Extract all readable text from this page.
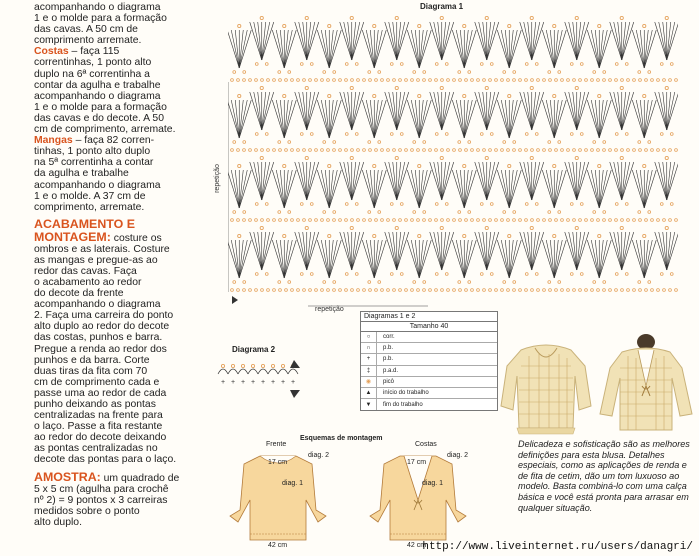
acompanhando o diagrama
1 e o molde para a formação
das cavas. A 50 cm de
comprimento arremate.
Costas – faça 115
correntinhas, 1 ponto alto
duplo na 6ª correntinha a
contar da agulha e trabalhe
acompanhando o diagrama
1 e o molde para a formação
das cavas e do decote. A 50
cm de comprimento, arremate.
Mangas – faça 82 corren-
tinhas, 1 ponto alto duplo
na 5ª correntinha a contar
da agulha e trabalhe
acompanhando o diagrama
1 e o molde. A 37 cm de
comprimento, arremate.
ACABAMENTO E
MONTAGEM: costure os
ombros e as laterais. Costure
as mangas e pregue-as ao
redor das cavas. Faça
o acabamento ao redor
do decote da frente
acompanhando o diagrama
2. Faça uma carreira do ponto
alto duplo ao redor do decote
das costas, punhos e barra.
Pregue a renda ao redor dos
punhos e da barra. Corte
duas tiras da fita com 70
cm de comprimento cada e
passe uma ao redor de cada
punho deixando as pontas
centralizadas na frente para
o laço. Passe a fita restante
ao redor do decote deixando
as pontas centralizadas no
decote das pontas para o laço.
AMOSTRA: um quadrado de
5 x 5 cm (agulha para crochê
nº 2) = 9 pontos x 3 carreiras
medidos sobre o ponto
alto duplo.
Diagrama 1
repetição
repetição
Diagrama 2
+ + + + + + + +
Diagramas 1 e 2
Tamanho 40
○	corr.
∩	p.b.
+	p.b.
‡	p.a.d.
◉	picô
▲	início do trabalho
▼	fim do trabalho
Delicadeza e sofisticação são as melhores definições para esta blusa. Detalhes especiais, como as aplicações de renda e de fita de cetim, dão um tom luxuoso ao modelo. Basta combiná-lo com uma calça básica e você está pronta para arrasar em qualquer situação.
Esquemas de montagem
Frente	Costas
diag. 2	diag. 2
diag. 1	diag. 1
17 cm	17 cm
42 cm	42 cm
http://www.liveinternet.ru/users/danagri/
